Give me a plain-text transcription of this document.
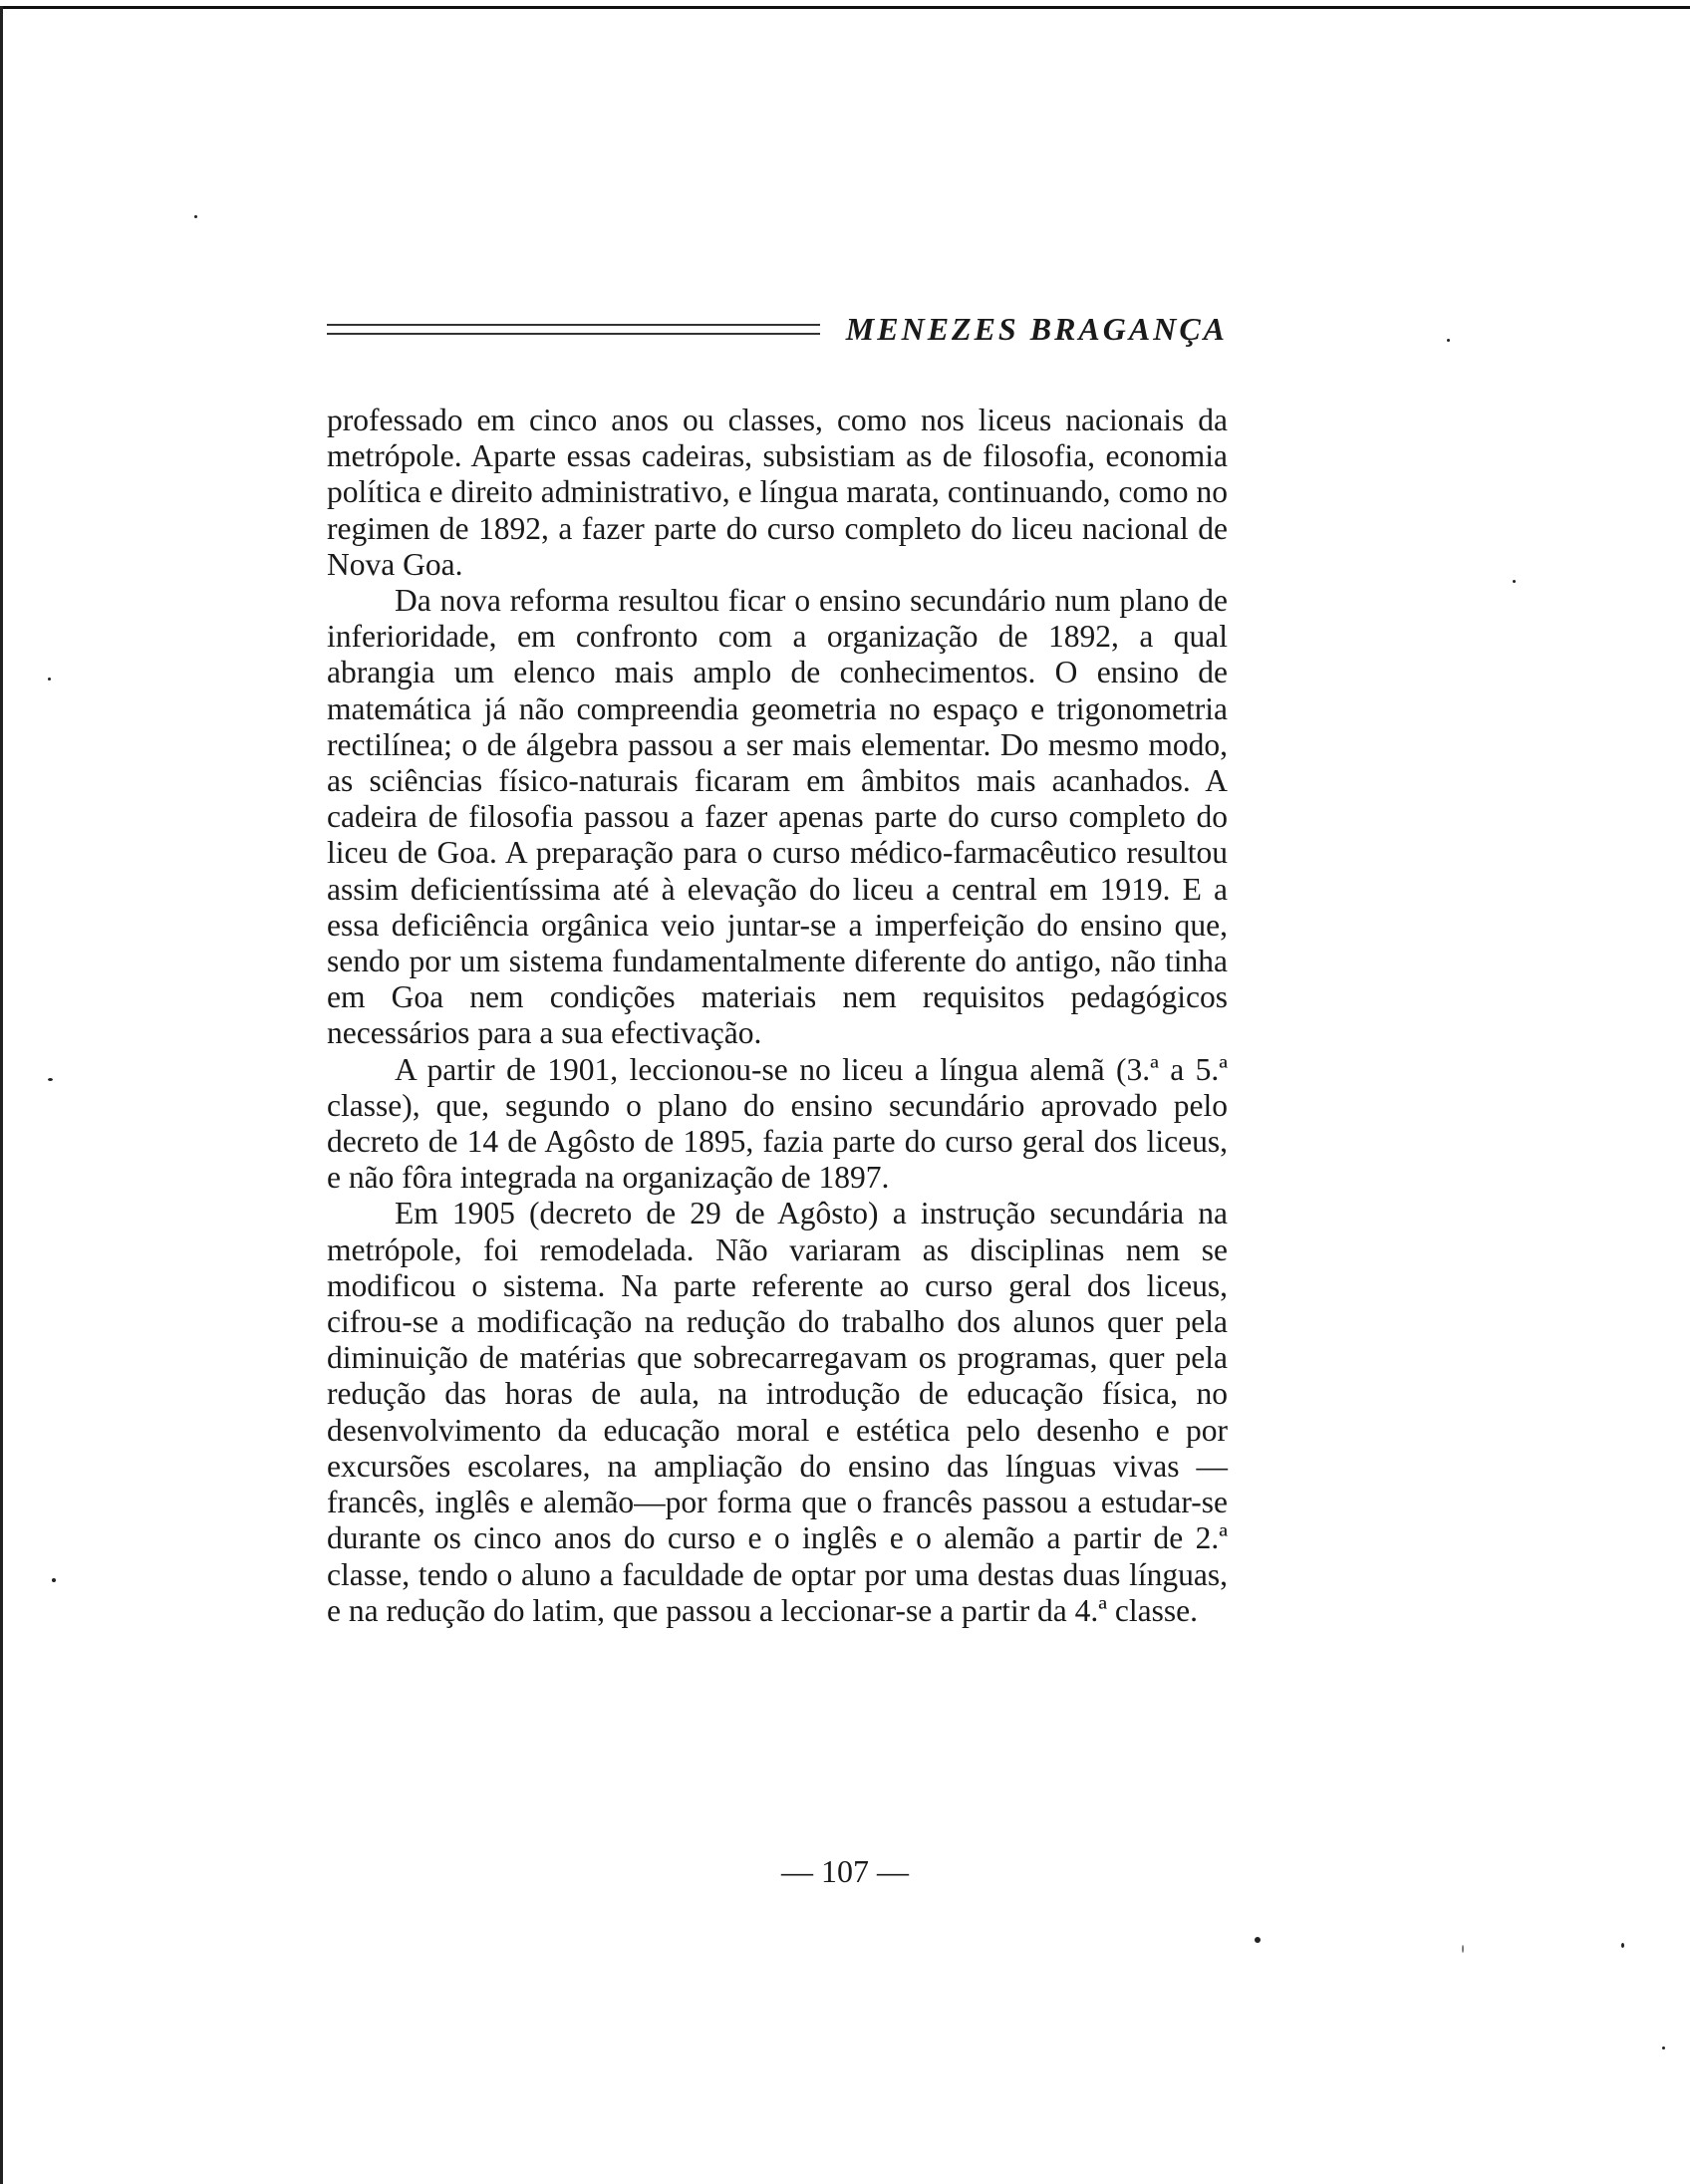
MENEZES BRAGANÇA

professado em cinco anos ou classes, como nos liceus nacionais da metrópole. Aparte essas cadeiras, subsistiam as de filosofia, economia política e direito administrativo, e língua marata, continuando, como no regimen de 1892, a fazer parte do curso completo do liceu nacional de Nova Goa.

Da nova reforma resultou ficar o ensino secundário num plano de inferioridade, em confronto com a organização de 1892, a qual abrangia um elenco mais amplo de conhecimentos. O ensino de matemática já não compreendia geometria no espaço e trigonometria rectilínea; o de álgebra passou a ser mais elementar. Do mesmo modo, as sciências físico-naturais ficaram em âmbitos mais acanhados. A cadeira de filosofia passou a fazer apenas parte do curso completo do liceu de Goa. A preparação para o curso médico-farmacêutico resultou assim deficientíssima até à elevação do liceu a central em 1919. E a essa deficiência orgânica veio juntar-se a imperfeição do ensino que, sendo por um sistema fundamentalmente diferente do antigo, não tinha em Goa nem condições materiais nem requisitos pedagógicos necessários para a sua efectivação.

A partir de 1901, leccionou-se no liceu a língua alemã (3.ª a 5.ª classe), que, segundo o plano do ensino secundário aprovado pelo decreto de 14 de Agôsto de 1895, fazia parte do curso geral dos liceus, e não fôra integrada na organização de 1897.

Em 1905 (decreto de 29 de Agôsto) a instrução secundária na metrópole, foi remodelada. Não variaram as disciplinas nem se modificou o sistema. Na parte referente ao curso geral dos liceus, cifrou-se a modificação na redução do trabalho dos alunos quer pela diminuição de matérias que sobrecarregavam os programas, quer pela redução das horas de aula, na introdução de educação física, no desenvolvimento da educação moral e estética pelo desenho e por excursões escolares, na ampliação do ensino das línguas vivas — francês, inglês e alemão—por forma que o francês passou a estudar-se durante os cinco anos do curso e o inglês e o alemão a partir de 2.ª classe, tendo o aluno a faculdade de optar por uma destas duas línguas, e na redução do latim, que passou a leccionar-se a partir da 4.ª classe.

— 107 —
